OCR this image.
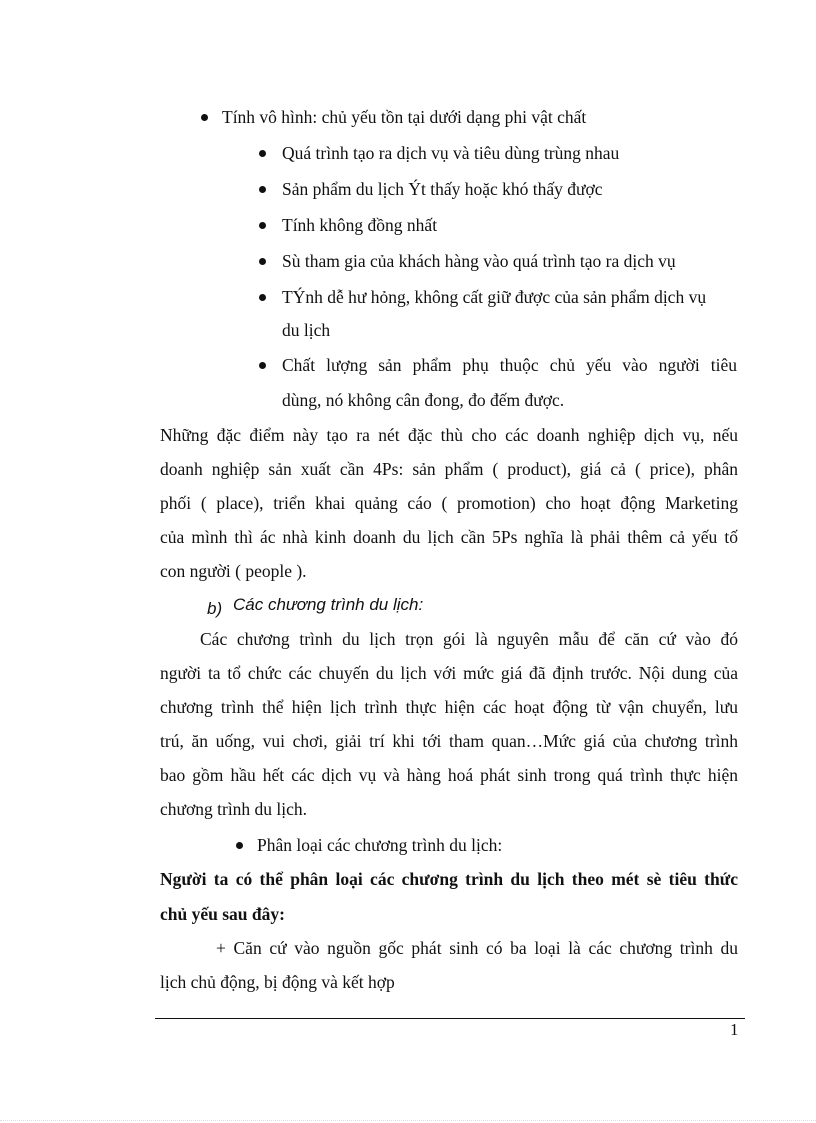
Tính vô hình: chủ yếu tồn tại dưới dạng phi vật chất
Quá trình tạo ra dịch vụ và tiêu dùng trùng nhau
Sản phẩm du lịch Ýt thấy hoặc khó thấy được
Tính không đồng nhất
Sù tham gia của khách hàng vào quá trình tạo ra dịch vụ
TÝnh dễ hư hỏng, không cất giữ được của sản phẩm dịch vụ
du lịch
Chất lượng sản phẩm phụ thuộc chủ yếu vào người tiêu
dùng, nó không cân đong, đo đếm được.
Những đặc điểm này tạo ra nét đặc thù cho các doanh nghiệp dịch vụ, nếu
doanh nghiệp sản xuất cần 4Ps: sản phẩm ( product), giá cả ( price), phân
phối ( place), triển khai quảng cáo ( promotion) cho hoạt động Marketing
của mình thì ác nhà kinh doanh du lịch cần 5Ps nghĩa là phải thêm cả yếu tố
con người ( people ).
b) Các chương trình du lịch:
Các chương trình du lịch trọn gói là nguyên mẫu để căn cứ vào đó
người ta tổ chức các chuyến du lịch với mức giá đã định trước. Nội dung của
chương trình thể hiện lịch trình thực hiện các hoạt động từ vận chuyển, lưu
trú, ăn uống, vui chơi, giải trí khi tới tham quan…Mức giá của chương trình
bao gồm hầu hết các dịch vụ và hàng hoá phát sinh trong quá trình thực hiện
chương trình du lịch.
Phân loại các chương trình du lịch:
Người ta có thể phân loại các chương trình du lịch theo mét sè tiêu thức
chủ yếu sau đây:
+ Căn cứ vào nguồn gốc phát sinh có ba loại là các chương trình du
lịch chủ động, bị động và kết hợp
1
